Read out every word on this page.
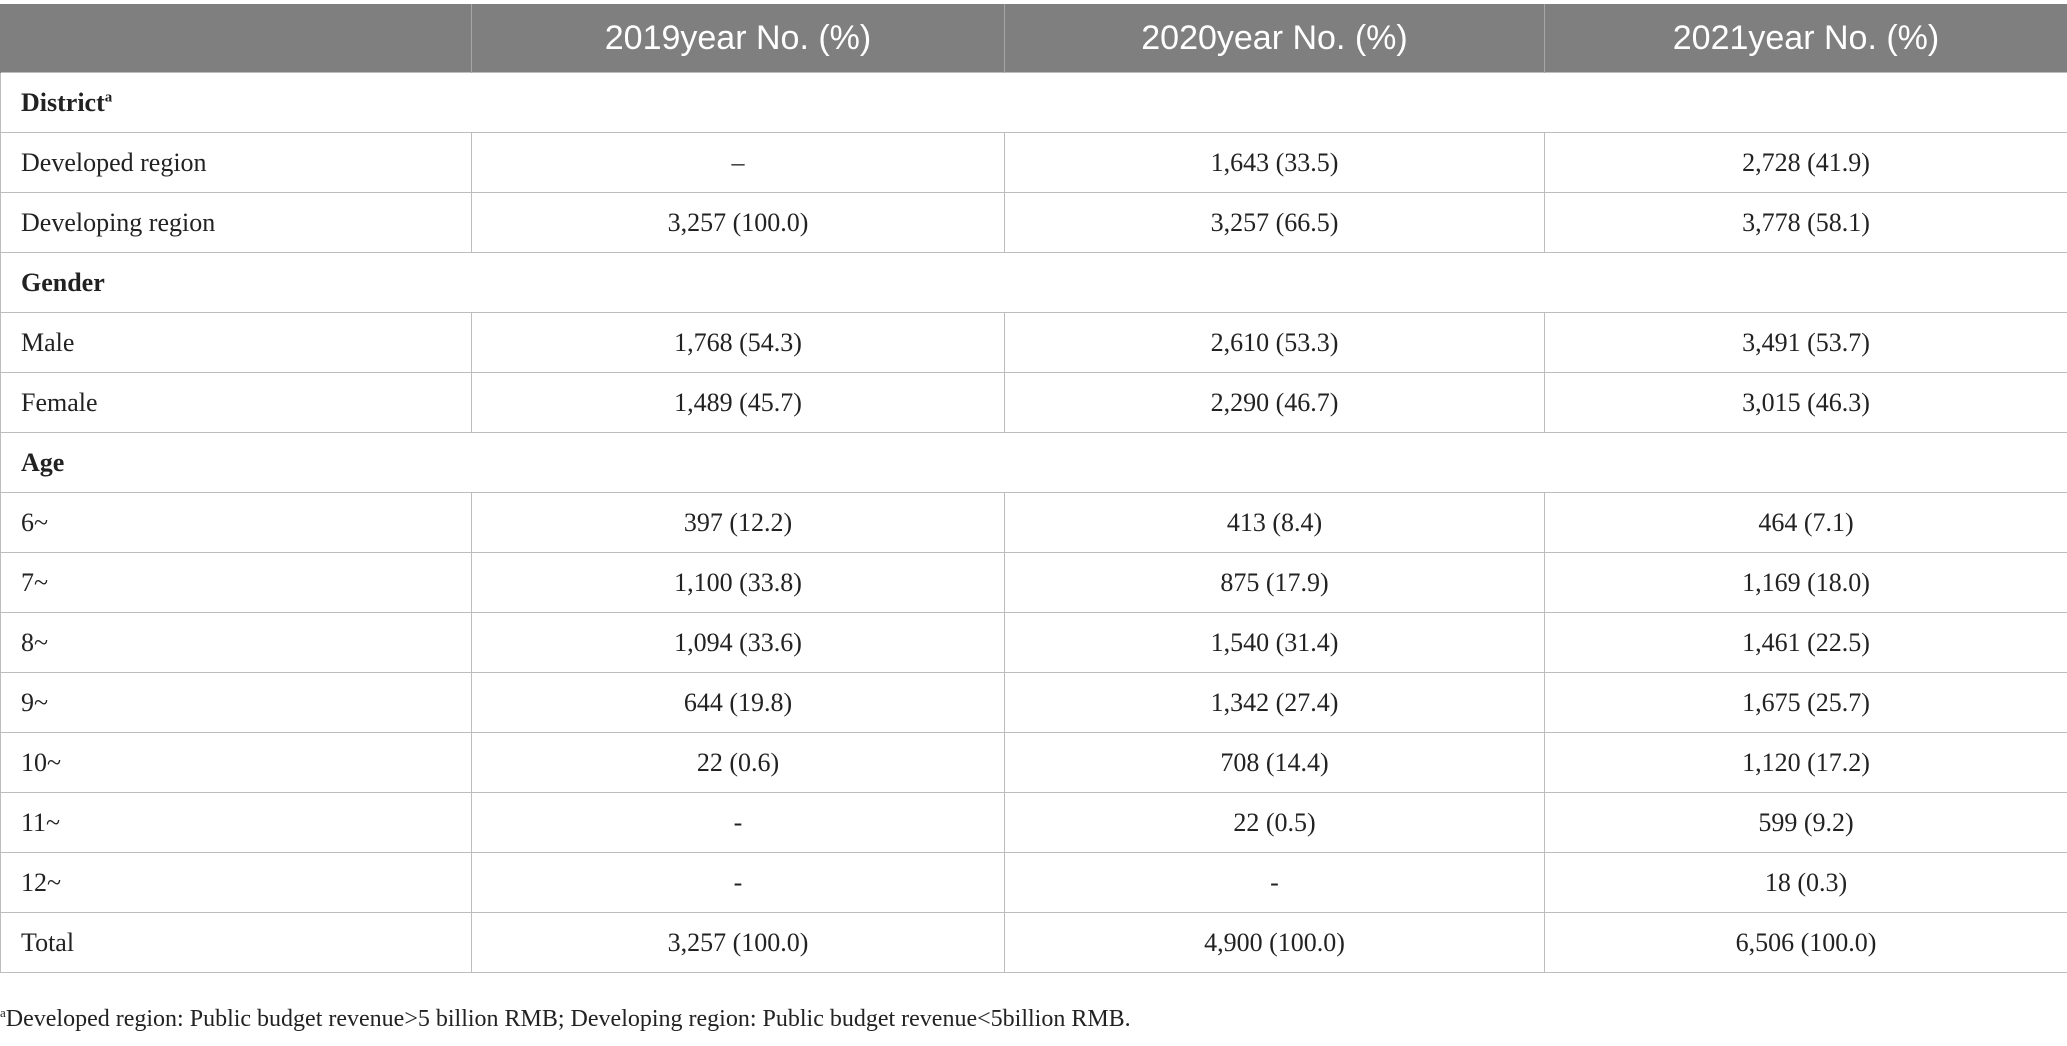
	2019year No. (%)	2020year No. (%)	2021year No. (%)
District$^a$
Developed region	–	1,643 (33.5)	2,728 (41.9)
Developing region	3,257 (100.0)	3,257 (66.5)	3,778 (58.1)
Gender			
Male	1,768 (54.3)	2,610 (53.3)	3,491 (53.7)
Female	1,489 (45.7)	2,290 (46.7)	3,015 (46.3)
Age			
6~	397 (12.2)	413 (8.4)	464 (7.1)
7~	1,100 (33.8)	875 (17.9)	1,169 (18.0)
8~	1,094 (33.6)	1,540 (31.4)	1,461 (22.5)
9~	644 (19.8)	1,342 (27.4)	1,675 (25.7)
10~	22 (0.6)	708 (14.4)	1,120 (17.2)
11~	-	22 (0.5)	599 (9.2)
12~	-	-	18 (0.3)
Total	3,257 (100.0)	4,900 (100.0)	6,506 (100.0)
$^a$Developed region: Public budget revenue>5 billion RMB; Developing region: Public budget revenue<5billion RMB.
